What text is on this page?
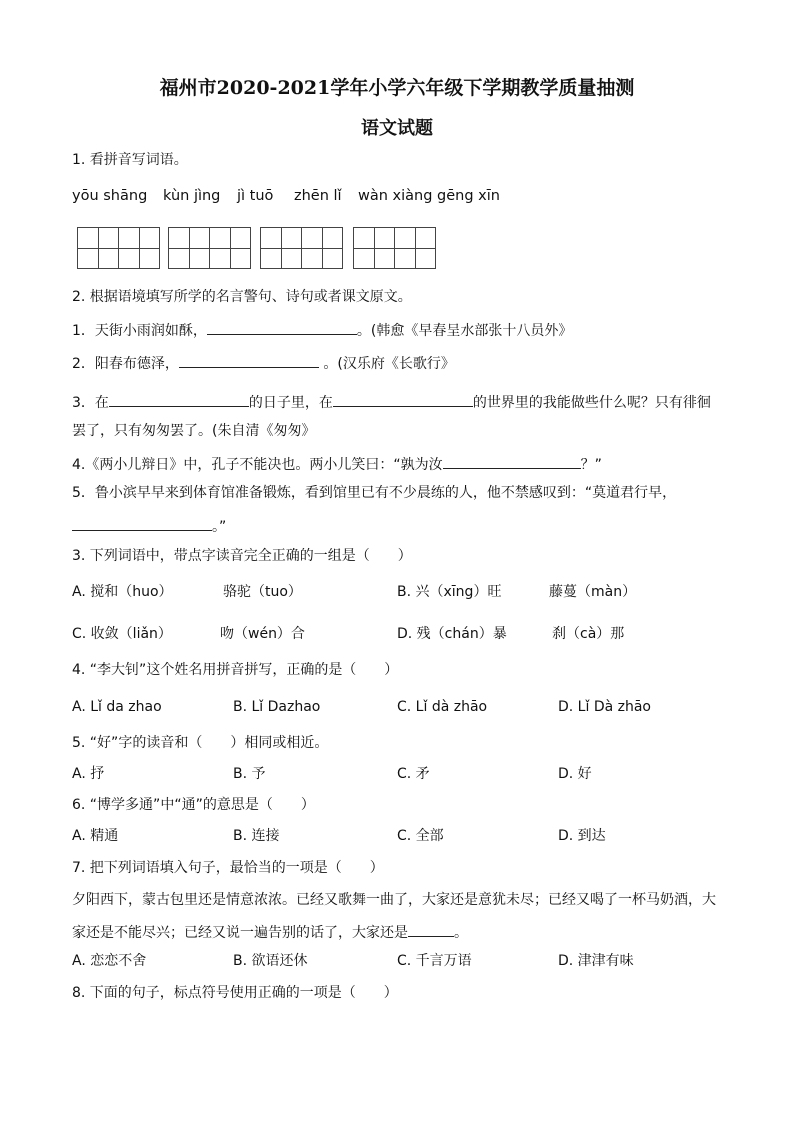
福州市2020-2021学年小学六年级下学期教学质量抽测
语文试题
1. 看拼音写词语。
yōu shāng kùn jìng jì tuō zhēn lǐ wàn xiàng gēng xīn
2. 根据语境填写所学的名言警句、诗句或者课文原文。
1．天街小雨润如酥，	。(韩愈《早春呈水部张十八员外》
2．阳春布德泽，	。(汉乐府《长歌行》
3．在	的日子里，在	的世界里的我能做些什么呢？只有徘徊
罢了，只有匆匆罢了。(朱自清《匆匆》
4.《两小儿辩日》中，孔子不能决也。两小儿笑曰：“孰为汝	？”
5．鲁小滨早早来到体育馆准备锻炼，看到馆里已有不少晨练的人，他不禁感叹到：“莫道君行早，
。”
3. 下列词语中，带点字读音完全正确的一组是（　　）
A. 搅和（huo）	骆驼（tuo）	B. 兴（xīng）旺	藤蔓（màn）
C. 收敛（liǎn）	吻（wén）合	D. 残（chán）暴	刹（cà）那
4. “李大钊”这个姓名用拼音拼写，正确的是（　　）
A. Lǐ da zhao	B. Lǐ Dazhao	C. Lǐ dà zhāo	D. Lǐ Dà zhāo
5. “好”字的读音和（　　）相同或相近。
A. 抒	B. 予	C. 矛	D. 好
6. “博学多通”中“通”的意思是（　　）
A. 精通	B. 连接	C. 全部	D. 到达
7. 把下列词语填入句子，最恰当的一项是（　　）
夕阳西下，蒙古包里还是情意浓浓。已经又歌舞一曲了，大家还是意犹未尽；已经又喝了一杯马奶酒，大
家还是不能尽兴；已经又说一遍告别的话了，大家还是	。
A. 恋恋不舍	B. 欲语还休	C. 千言万语	D. 津津有味
8. 下面的句子，标点符号使用正确的一项是（　　）
